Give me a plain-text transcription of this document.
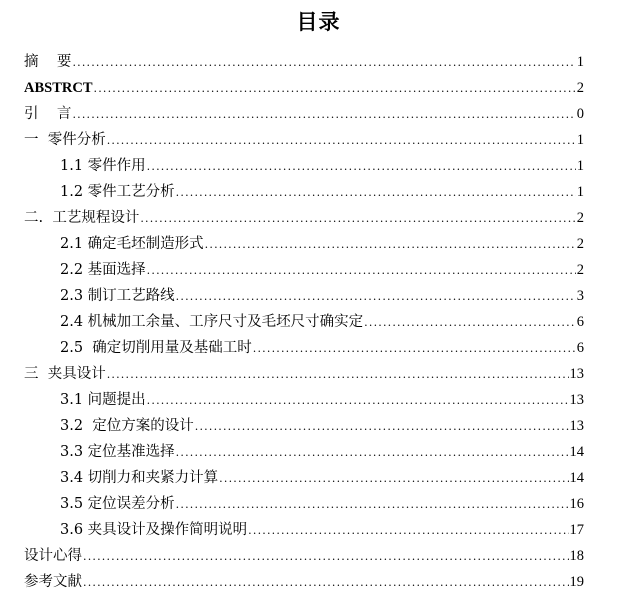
目录
摘    要 .....	1
ABSTRCT .....	2
引    言 .....	0
一  零件分析 .....	1
1.1 零件作用 .....	1
1.2 零件工艺分析 .....	1
二.  工艺规程设计 .....	2
2.1 确定毛坯制造形式 .....	2
2.2 基面选择 .....	2
2.3 制订工艺路线 .....	3
2.4 机械加工余量、工序尺寸及毛坯尺寸确实定 .....	6
2.5  确定切削用量及基础工时 .....	6
三  夹具设计 .....	13
3.1 问题提出 .....	13
3.2  定位方案的设计 .....	13
3.3 定位基准选择 .....	14
3.4 切削力和夹紧力计算 .....	14
3.5 定位误差分析 .....	16
3.6 夹具设计及操作简明说明 .....	17
设计心得 .....	18
参考文献 .....	19
